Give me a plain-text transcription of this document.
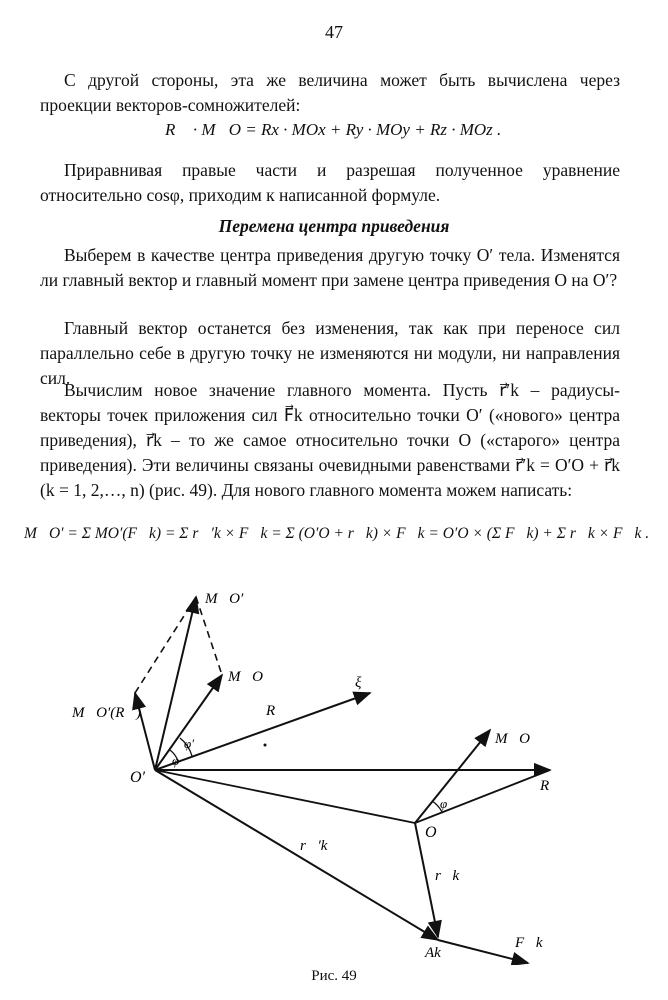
47

С другой стороны, эта же величина может быть вычислена через проекции векторов-сомножителей:

R⃗ · M⃗O = Rx · MOx + Ry · MOy + Rz · MOz .

Приравнивая правые части и разрешая полученное уравнение относительно cosφ, приходим к написанной формуле.

Перемена центра приведения

Выберем в качестве центра приведения другую точку O′ тела. Изменятся ли главный вектор и главный момент при замене центра приведения O на O′?

Главный вектор останется без изменения, так как при переносе сил параллельно себе в другую точку не изменяются ни модули, ни направления сил.

Вычислим новое значение главного момента. Пусть r⃗′k – радиусы-векторы точек приложения сил F⃗k относительно точки O′ («нового» центра приведения), r⃗k – то же самое относительно точки O («старого» центра приведения). Эти величины связаны очевидными равенствами r⃗′k = O′O + r⃗k (k = 1, 2,…, n) (рис. 49). Для нового главного момента можем написать:

M⃗O′ = Σ MO′(F⃗k) = Σ r⃗′k × F⃗k = Σ (O′O + r⃗k) × F⃗k = O′O × (Σ F⃗k) + Σ r⃗k × F⃗k .
M⃗O′
M⃗O
M⃗O′(R⃗)
ξ
R⃗
φ′
φ
M⃗O
O′	R⃗
φ
O
r⃗′k
r⃗k
Ak
F⃗k
Рис. 49
